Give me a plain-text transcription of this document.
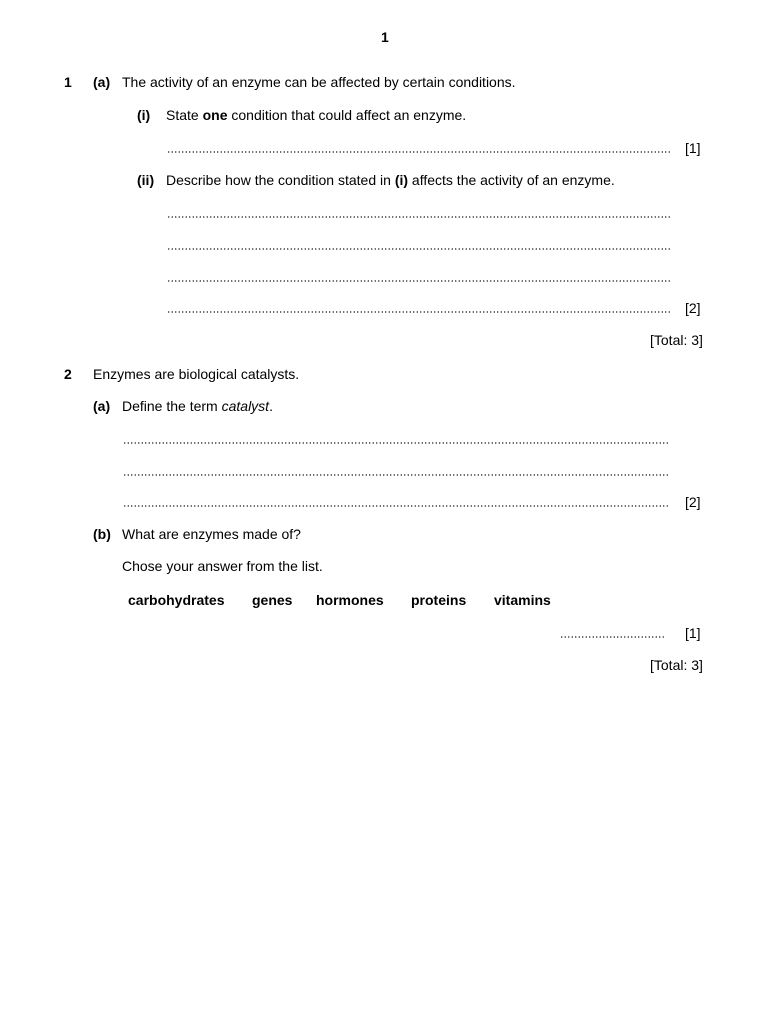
1
1 (a) The activity of an enzyme can be affected by certain conditions.
(i) State one condition that could affect an enzyme.
[1]
(ii) Describe how the condition stated in (i) affects the activity of an enzyme.
[2]
[Total: 3]
2 Enzymes are biological catalysts.
(a) Define the term catalyst.
[2]
(b) What are enzymes made of?
Chose your answer from the list.
carbohydrates genes hormones proteins vitamins
[1]
[Total: 3]
